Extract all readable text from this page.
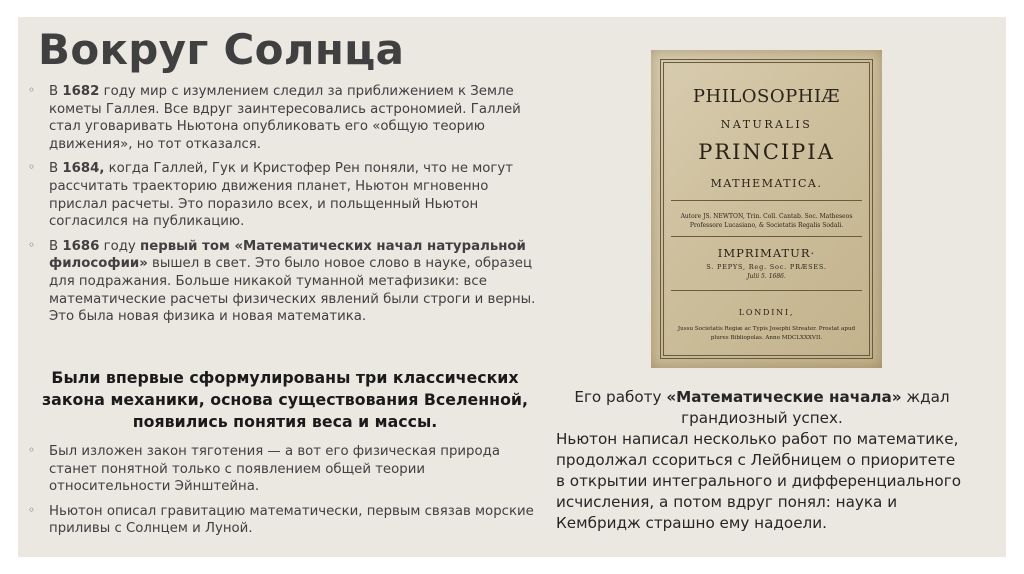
Вокруг Солнца
◦ В 1682 году мир с изумлением следил за приближением к Земле кометы Галлея. Все вдруг заинтересовались астрономией. Галлей стал уговаривать Ньютона опубликовать его «общую теорию движения», но тот отказался.
◦ В 1684, когда Галлей, Гук и Кристофер Рен поняли, что не могут рассчитать траекторию движения планет, Ньютон мгновенно прислал расчеты. Это поразило всех, и польщенный Ньютон согласился на публикацию.
◦ В 1686 году первый том «Математических начал натуральной философии» вышел в свет. Это было новое слово в науке, образец для подражания. Больше никакой туманной метафизики: все математические расчеты физических явлений были строги и верны. Это была новая физика и новая математика.
Были впервые сформулированы три классических закона механики, основа существования Вселенной, появились понятия веса и массы.
◦ Был изложен закон тяготения — а вот его физическая природа станет понятной только с появлением общей теории относительности Эйнштейна.
◦ Ньютон описал гравитацию математически, первым связав морские приливы с Солнцем и Луной.
PHILOSOPHIÆ
NATURALIS
PRINCIPIA
MATHEMATICA.
Autore JS. NEWTON, Trin. Coll. Cantab. Soc. Matheseos
Professore Lucasiano, & Societatis Regalis Sodali.
IMPRIMATUR·
S. PEPYS, Reg. Soc. PRÆSES.
Julii 5. 1686.
LONDINI,
Jussu Societatis Regiæ ac Typis Josephi Streater. Prostat apud
plures Bibliopolas. Anno MDCLXXXVII.

Его работу «Математические начала» ждал

грандиозный успех.

Ньютон написал несколько работ по математике, продолжал ссориться с Лейбницем о приоритете в открытии интегрального и дифференциального исчисления, а потом вдруг понял: наука и Кембридж страшно ему надоели.
